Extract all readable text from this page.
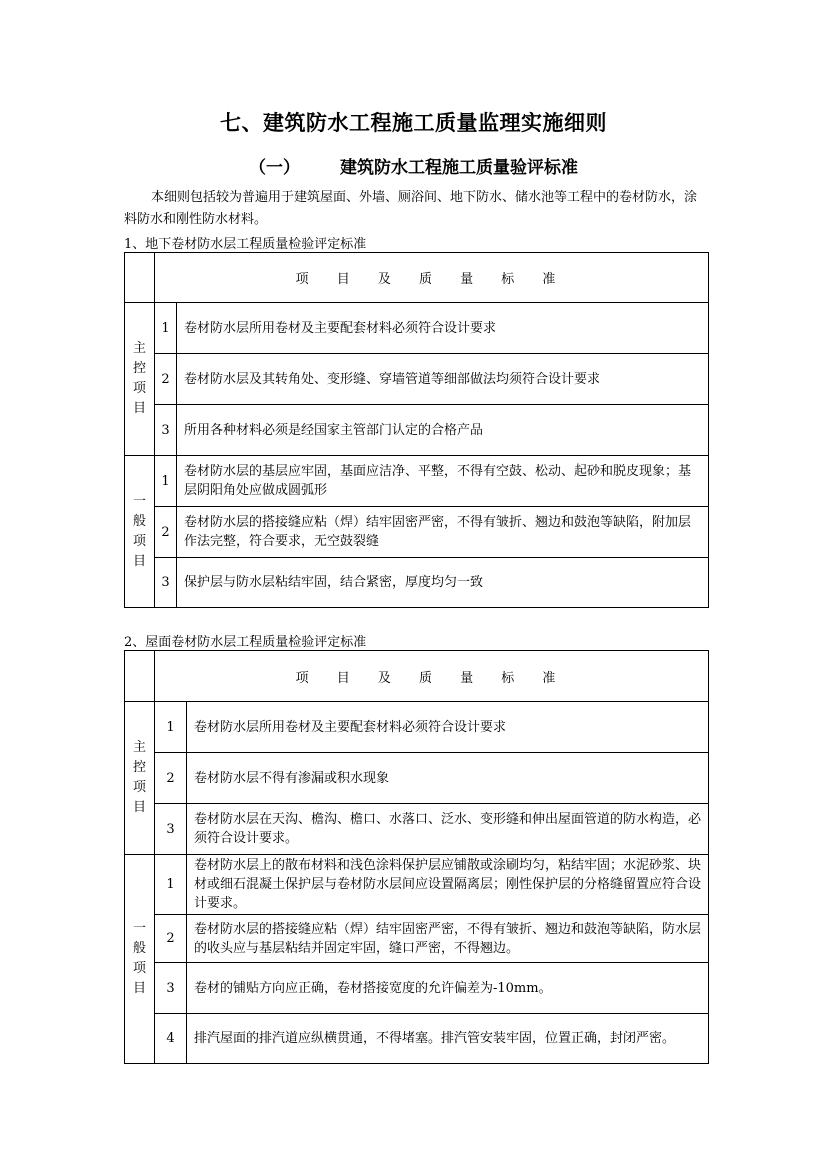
七、建筑防水工程施工质量监理实施细则
（一） 建筑防水工程施工质量验评标准
本细则包括较为普遍用于建筑屋面、外墙、厕浴间、地下防水、储水池等工程中的卷材防水，涂料防水和刚性防水材料。
1、地下卷材防水层工程质量检验评定标准
	项 目 及 质 量 标 准	
主控项目	1	卷材防水层所用卷材及主要配套材料必须符合设计要求
	2	卷材防水层及其转角处、变形缝、穿墙管道等细部做法均须符合设计要求
	3	所用各种材料必须是经国家主管部门认定的合格产品
一般项目	1	卷材防水层的基层应牢固，基面应洁净、平整，不得有空鼓、松动、起砂和脱皮现象；基层阴阳角处应做成圆弧形
	2	卷材防水层的搭接缝应粘（焊）结牢固密严密，不得有皱折、翘边和鼓泡等缺陷，附加层作法完整，符合要求，无空鼓裂缝
	3	保护层与防水层粘结牢固，结合紧密，厚度均匀一致
2、屋面卷材防水层工程质量检验评定标准
	项 目 及 质 量 标 准	
主控项目	1	卷材防水层所用卷材及主要配套材料必须符合设计要求
	2	卷材防水层不得有渗漏或积水现象
	3	卷材防水层在天沟、檐沟、檐口、水落口、泛水、变形缝和伸出屋面管道的防水构造，必须符合设计要求。
一般项目	1	卷材防水层上的散布材料和浅色涂料保护层应铺散或涂刷均匀，粘结牢固；水泥砂浆、块材或细石混凝土保护层与卷材防水层间应设置隔离层；刚性保护层的分格缝留置应符合设计要求。
	2	卷材防水层的搭接缝应粘（焊）结牢固密严密，不得有皱折、翘边和鼓泡等缺陷，防水层的收头应与基层粘结并固定牢固，缝口严密，不得翘边。
	3	卷材的铺贴方向应正确，卷材搭接宽度的允许偏差为-10mm。
	4	排汽屋面的排汽道应纵横贯通，不得堵塞。排汽管安装牢固，位置正确，封闭严密。
